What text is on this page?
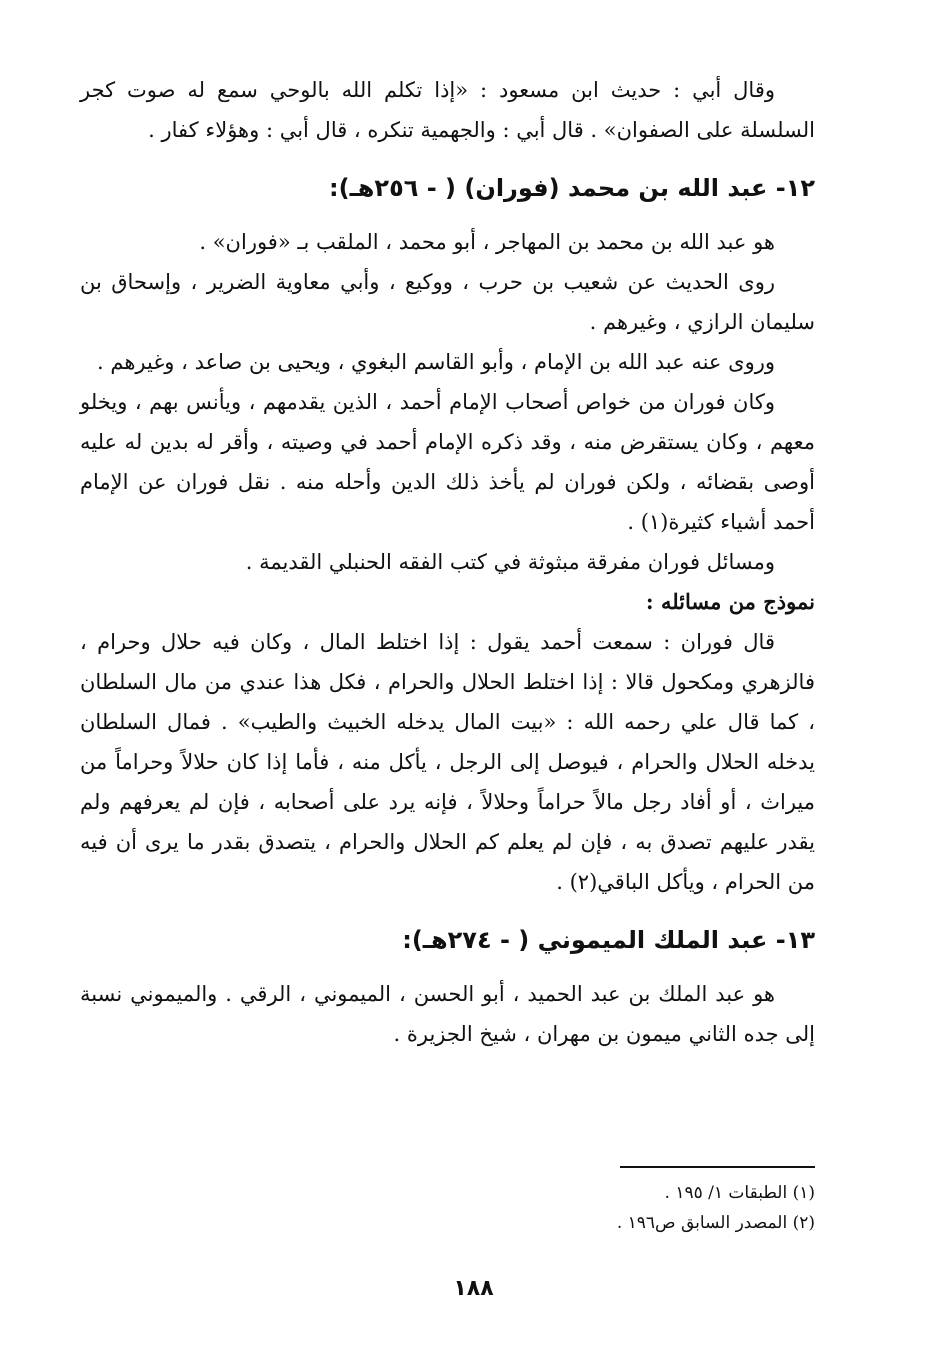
وقال أبي : حديث ابن مسعود : «إذا تكلم الله بالوحي سمع له صوت كجر السلسلة على الصفوان» . قال أبي : والجهمية تنكره ، قال أبي : وهؤلاء كفار .

١٢- عبد الله بن محمد (فوران) ( - ٢٥٦هـ):

هو عبد الله بن محمد بن المهاجر ، أبو محمد ، الملقب بـ «فوران» .

روى الحديث عن شعيب بن حرب ، ووكيع ، وأبي معاوية الضرير ، وإسحاق بن سليمان الرازي ، وغيرهم .

وروى عنه عبد الله بن الإمام ، وأبو القاسم البغوي ، ويحيى بن صاعد ، وغيرهم .

وكان فوران من خواص أصحاب الإمام أحمد ، الذين يقدمهم ، ويأنس بهم ، ويخلو معهم ، وكان يستقرض منه ، وقد ذكره الإمام أحمد في وصيته ، وأقر له بدين له عليه أوصى بقضائه ، ولكن فوران لم يأخذ ذلك الدين وأحله منه . نقل فوران عن الإمام أحمد أشياء كثيرة(١) .

ومسائل فوران مفرقة مبثوثة في كتب الفقه الحنبلي القديمة .

نموذج من مسائله :

قال فوران : سمعت أحمد يقول : إذا اختلط المال ، وكان فيه حلال وحرام ، فالزهري ومكحول قالا : إذا اختلط الحلال والحرام ، فكل هذا عندي من مال السلطان ، كما قال علي رحمه الله : «بيت المال يدخله الخبيث والطيب» . فمال السلطان يدخله الحلال والحرام ، فيوصل إلى الرجل ، يأكل منه ، فأما إذا كان حلالاً وحراماً من ميراث ، أو أفاد رجل مالاً حراماً وحلالاً ، فإنه يرد على أصحابه ، فإن لم يعرفهم ولم يقدر عليهم تصدق به ، فإن لم يعلم كم الحلال والحرام ، يتصدق بقدر ما يرى أن فيه من الحرام ، ويأكل الباقي(٢) .

١٣- عبد الملك الميموني ( - ٢٧٤هـ):

هو عبد الملك بن عبد الحميد ، أبو الحسن ، الميموني ، الرقي . والميموني نسبة إلى جده الثاني ميمون بن مهران ، شيخ الجزيرة .

(١) الطبقات ١/ ١٩٥ .

(٢) المصدر السابق ص١٩٦ .

١٨٨
